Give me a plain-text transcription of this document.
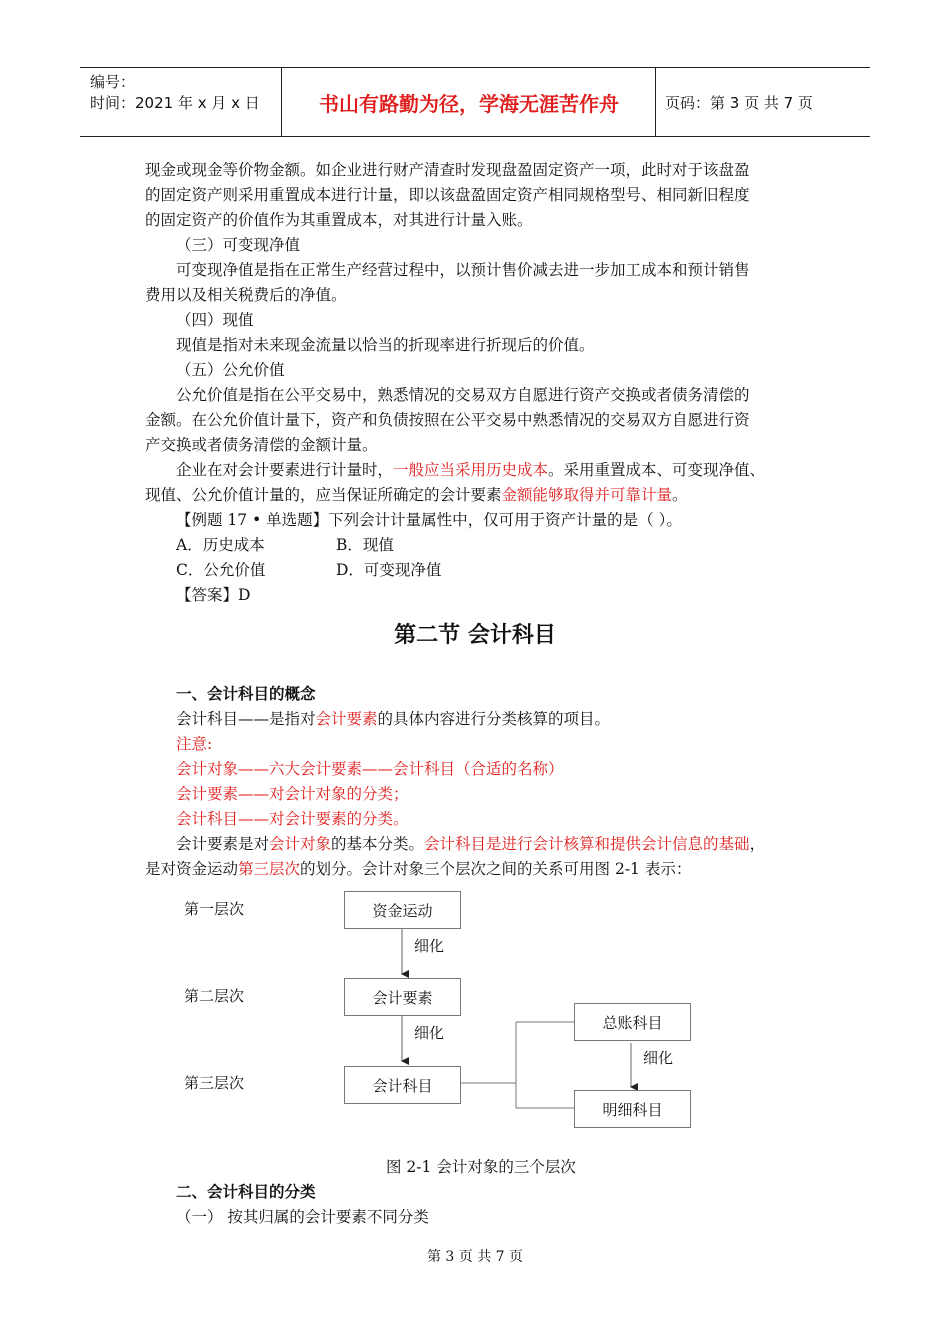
编号：
时间：2021 年 x 月 x 日	书山有路勤为径，学海无涯苦作舟	页码：第 3 页 共 7 页
现金或现金等价物金额。如企业进行财产清查时发现盘盈固定资产一项，此时对于该盘盈
的固定资产则采用重置成本进行计量，即以该盘盈固定资产相同规格型号、相同新旧程度
的固定资产的价值作为其重置成本，对其进行计量入账。
（三）可变现净值
可变现净值是指在正常生产经营过程中，以预计售价减去进一步加工成本和预计销售
费用以及相关税费后的净值。
（四）现值
现值是指对未来现金流量以恰当的折现率进行折现后的价值。
（五）公允价值
公允价值是指在公平交易中，熟悉情况的交易双方自愿进行资产交换或者债务清偿的
金额。在公允价值计量下，资产和负债按照在公平交易中熟悉情况的交易双方自愿进行资
产交换或者债务清偿的金额计量。
企业在对会计要素进行计量时，一般应当采用历史成本。采用重置成本、可变现净值、
现值、公允价值计量的，应当保证所确定的会计要素金额能够取得并可靠计量。
【例题 17 • 单选题】下列会计计量属性中，仅可用于资产计量的是（ ）。
A．历史成本	B．现值
C．公允价值	D．可变现净值
【答案】D
第二节 会计科目
一、会计科目的概念
会计科目——是指对会计要素的具体内容进行分类核算的项目。
注意:
会计对象——六大会计要素——会计科目（合适的名称）
会计要素——对会计对象的分类；
会计科目——对会计要素的分类。
会计要素是对会计对象的基本分类。会计科目是进行会计核算和提供会计信息的基础，
是对资金运动第三层次的划分。会计对象三个层次之间的关系可用图 2-1 表示：
第一层次
第二层次
第三层次
资金运动
会计要素
会计科目
总账科目
明细科目
细化
细化
细化
图 2-1 会计对象的三个层次
二、会计科目的分类
（一） 按其归属的会计要素不同分类
第 3 页 共 7 页
